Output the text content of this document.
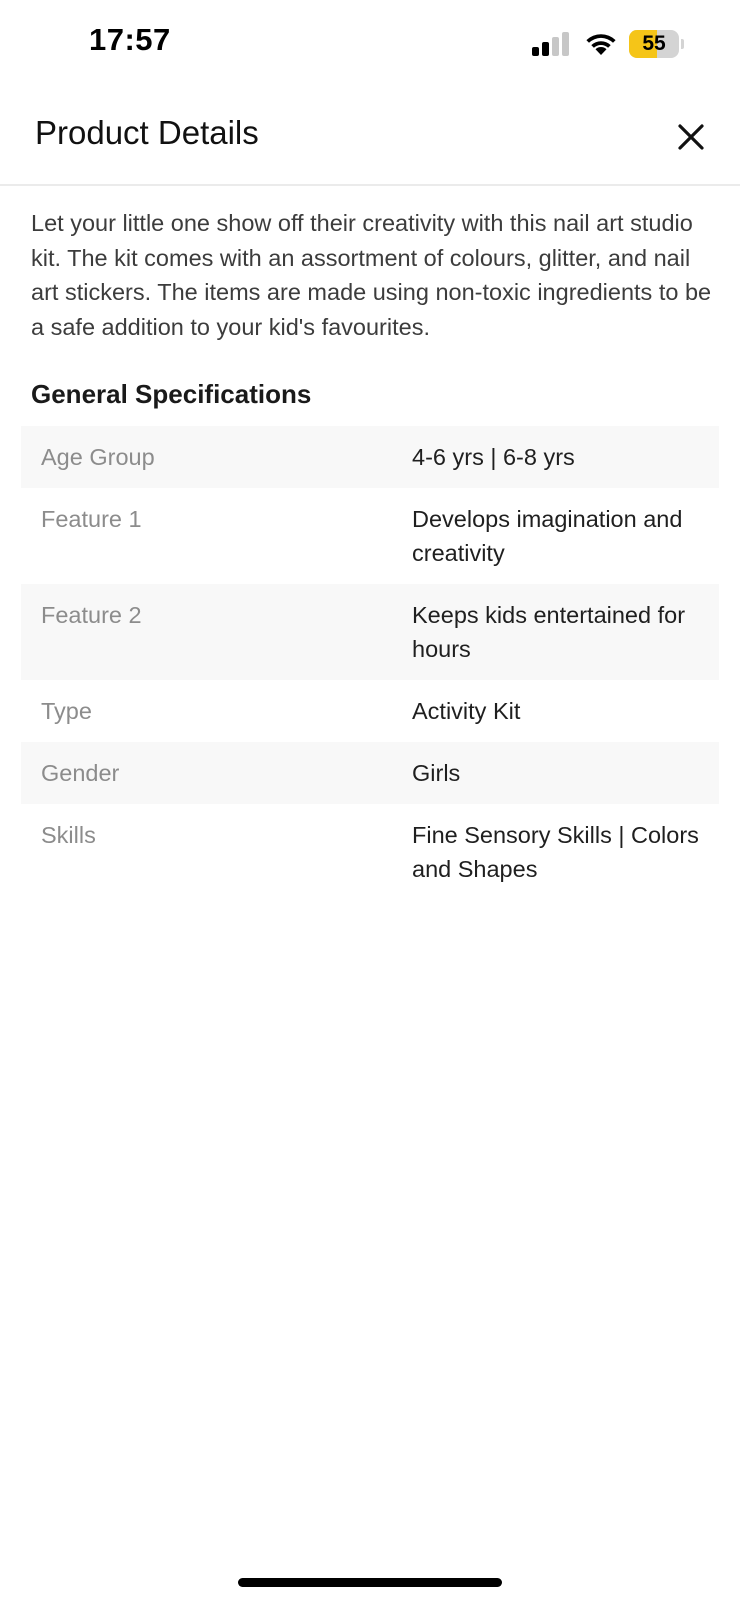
17:57	55
Product Details

Let your little one show off their creativity with this nail art studio kit. The kit comes with an assortment of colours, glitter, and nail art stickers. The items are made using non-toxic ingredients to be a safe addition to your kid's favourites.

General Specifications
Age Group	4-6 yrs | 6-8 yrs
Feature 1	Develops imagination and creativity
Feature 2	Keeps kids entertained for hours
Type	Activity Kit
Gender	Girls
Skills	Fine Sensory Skills | Colors and Shapes
